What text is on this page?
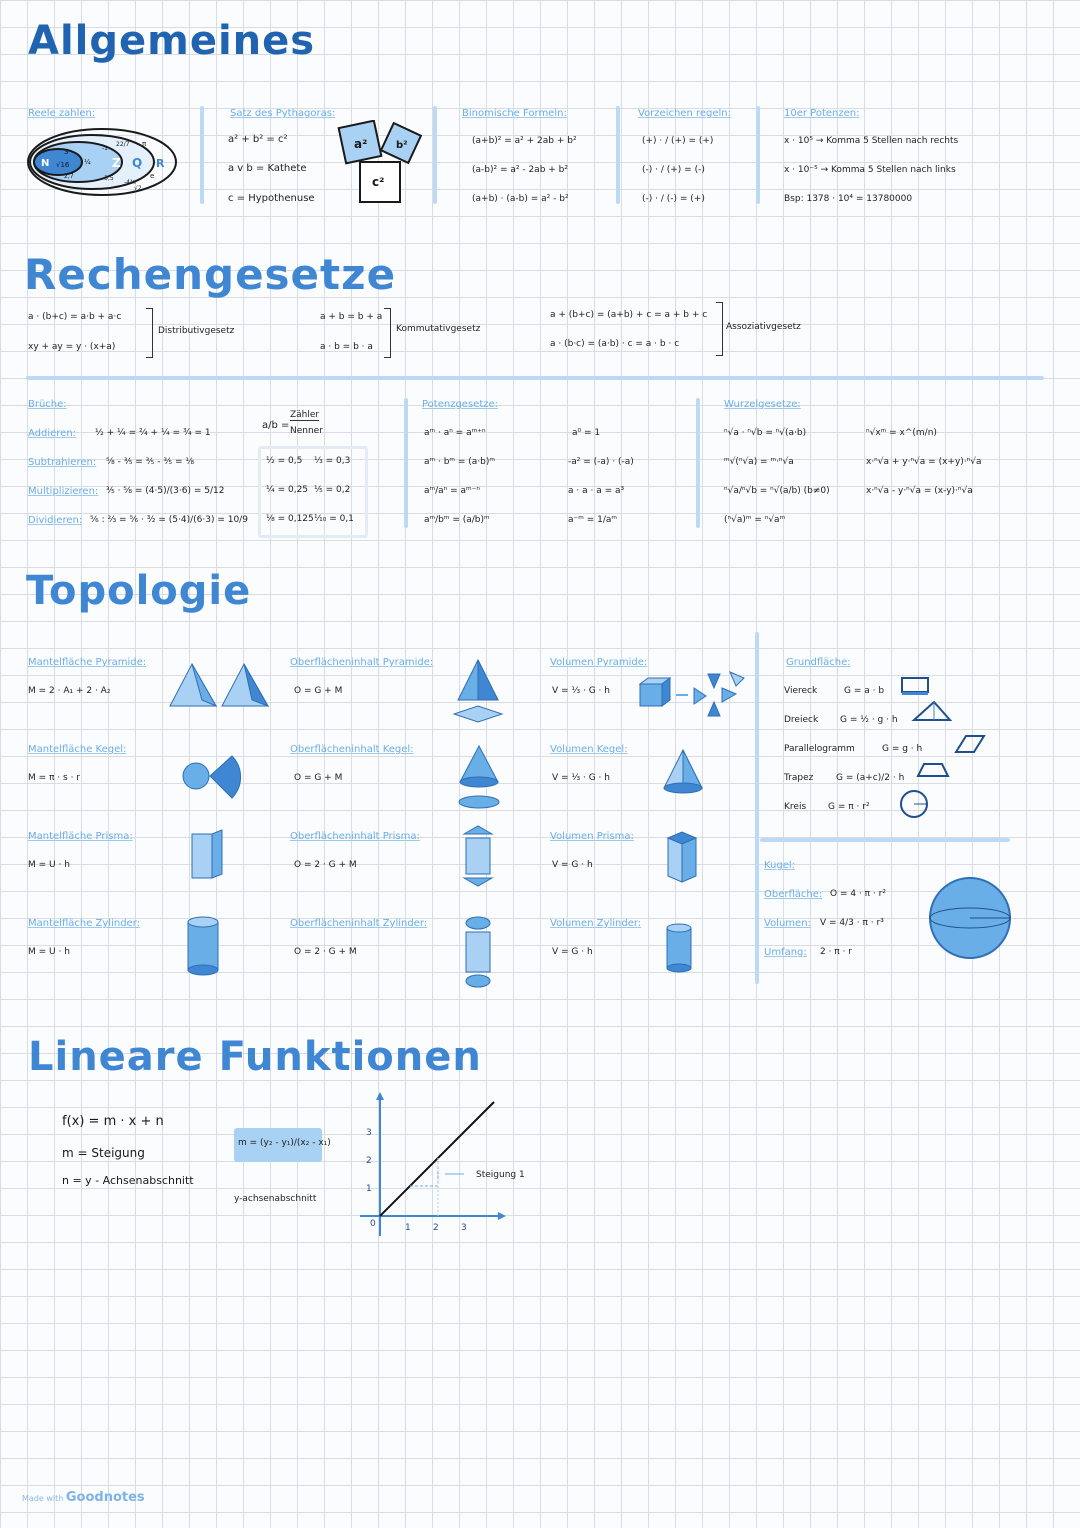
Allgemeines
Reele zahlen:
N	Z Q R
3
√16 ¼
2,7
-1
22/7
-3,5
-4¾
π
e
√2
Satz des Pythagoras:
a² + b² = c²
a v b = Kathete
c = Hypothenuse
a²	b²
c²
Binomische Formeln:
(a+b)² = a² + 2ab + b²
(a-b)² = a² - 2ab + b²
(a+b) · (a-b) = a² - b²
Vorzeichen regeln:
(+) · / (+) = (+)
(-) · / (+) = (-)
(-) · / (-) = (+)
10er Potenzen:
x · 10⁵ → Komma 5 Stellen nach rechts
x · 10⁻⁵ → Komma 5 Stellen nach links
Bsp: 1378 · 10⁴ = 13780000
Rechengesetze
a · (b+c) = a·b + a·c
xy + ay = y · (x+a)
Distributivgesetz
a + b = b + a
a · b = b · a
Kommutativgesetz
a + (b+c) = (a+b) + c = a + b + c
a · (b·c) = (a·b) · c = a · b · c
Assoziativgesetz
Brüche:
Addieren: ½ + ¼ = ²⁄₄ + ¼ = ¾ = 1
Subtrahieren: ⅝ - ⅗ = ⅗ - ⅗ = ⅛
Multiplizieren: ⅗ · ⅝ = (4·5)/(3·6) = 5/12
Dividieren: ⅚ : ⅔ = ⅚ · ³⁄₂ = (5·4)/(6·3) = 10/9
a/b =
Zähler
Nenner
½ = 0,5 ⅓ = 0,3
¼ = 0,25 ⅕ = 0,2
⅛ = 0,125 ¹⁄₁₀ = 0,1
Potenzgesetze:
aᵐ · aⁿ = aᵐ⁺ⁿ
aᵐ · bᵐ = (a·b)ᵐ
aᵐ/aⁿ = aᵐ⁻ⁿ
aᵐ/bᵐ = (a/b)ᵐ
a⁰ = 1
-a² = (-a) · (-a)
a · a · a = a³
a⁻ᵐ = 1/aᵐ
Wurzelgesetze:
ⁿ√a · ⁿ√b = ⁿ√(a·b)
ᵐ√(ⁿ√a) = ᵐ·ⁿ√a
ⁿ√a/ⁿ√b = ⁿ√(a/b) (b≠0)
(ⁿ√a)ᵐ = ⁿ√aᵐ
ⁿ√xᵐ = x^(m/n)
x·ⁿ√a + y·ⁿ√a = (x+y)·ⁿ√a
x·ⁿ√a - y·ⁿ√a = (x-y)·ⁿ√a
Topologie
Mantelfläche Pyramide:
M = 2 · A₁ + 2 · A₂
Oberflächeninhalt Pyramide:
O = G + M
Volumen Pyramide:
V = ⅓ · G · h
Mantelfläche Kegel:
M = π · s · r
Oberflächeninhalt Kegel:
O = G + M
Volumen Kegel:
V = ⅓ · G · h
Mantelfläche Prisma:
M = U · h
Oberflächeninhalt Prisma:
O = 2 · G + M
Volumen Prisma:
V = G · h
Mantelfläche Zylinder:
M = U · h
Oberflächeninhalt Zylinder:
O = 2 · G + M
Volumen Zylinder:
V = G · h
Grundfläche:
Viereck	G = a · b
Dreieck G = ½ · g · h
Parallelogramm	G = g · h
Trapez	G = (a+c)/2 · h
Kreis G = π · r²
Kugel:
Oberfläche: O = 4 · π · r²
Volumen: V = 4/3 · π · r³
Umfang: 2 · π · r
Lineare Funktionen
f(x) = m · x + n
m = Steigung
n = y - Achsenabschnitt
m = (y₂ - y₁)/(x₂ - x₁)
y-achsenabschnitt
1 2 3
1
2
3
0
Steigung 1
Made with Goodnotes
